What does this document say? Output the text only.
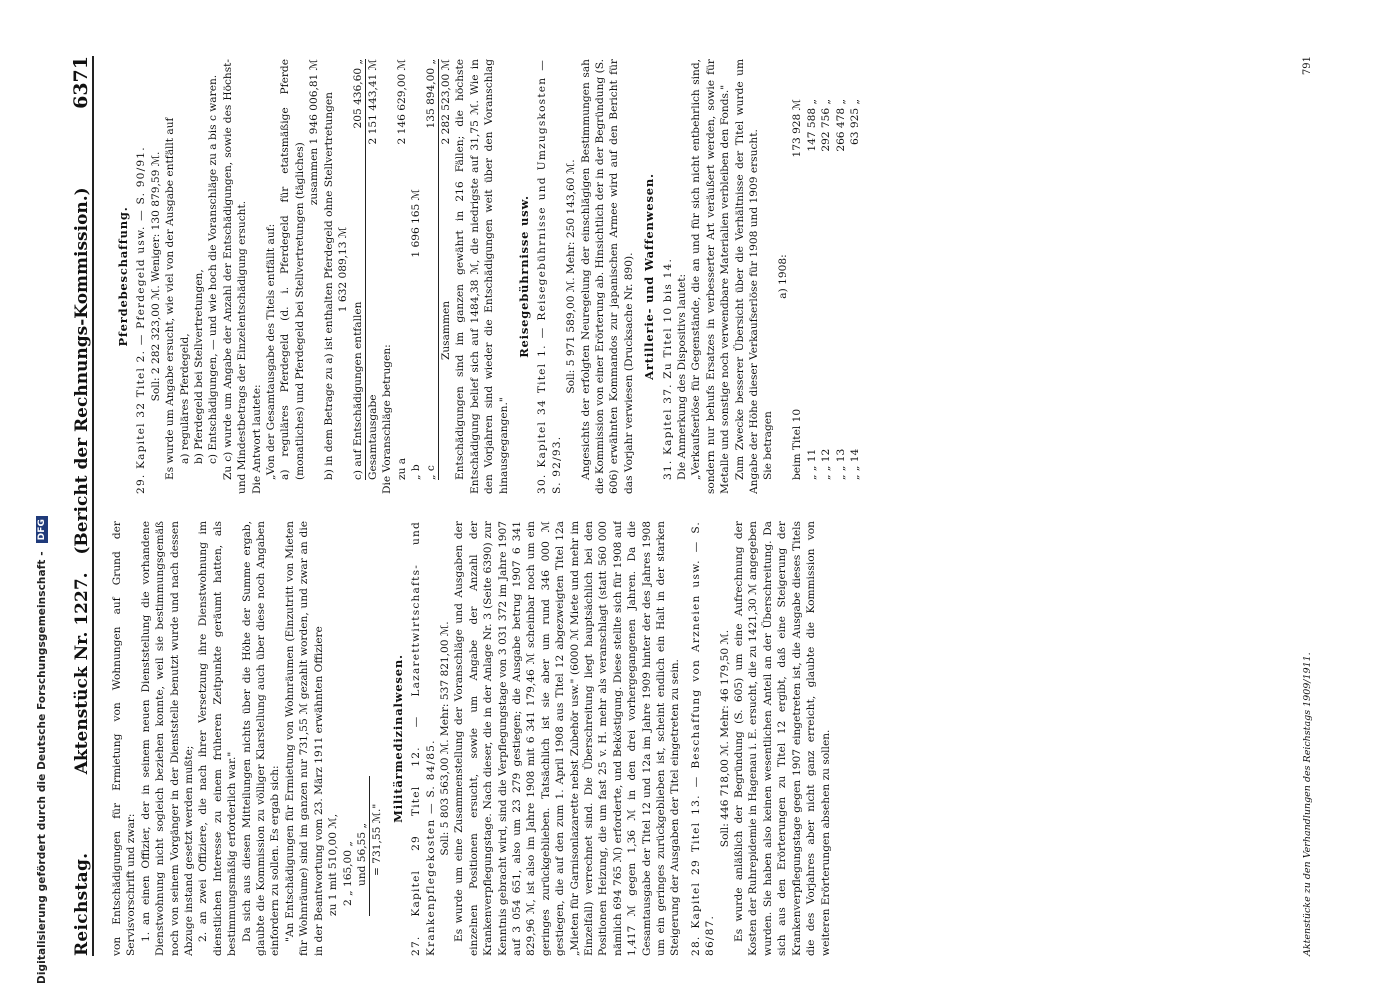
Digitalisierung gefördert durch die Deutsche Forschungsgemeinschaft -
DFG
Reichstag.
Aktenstück Nr. 1227.   (Bericht der Rechnungs-Kommission.)
6371

von Entschädigungen für Ermietung von Wohnungen auf Grund der Servisvorschrift und zwar: 1. an einen Offizier, der in seinem neuen Dienststellung die vorhandene Dienstwohnung nicht sogleich beziehen konnte, weil sie bestimmungsgemäß noch von seinem Vorgänger in der Dienststelle benutzt wurde und nach dessen Abzuge instand gesetzt werden mußte; 2. an zwei Offiziere, die nach ihrer Versetzung ihre Dienstwohnung im dienstlichen Interesse zu einem früheren Zeitpunkte geräumt hatten, als bestimmungsmäßig erforderlich war." Da sich aus diesen Mitteilungen nichts über die Höhe der Summe ergab, glaubte die Kommission zu völliger Klarstellung auch über diese noch Angaben einfordern zu sollen. Es ergab sich: "An Entschädigungen für Ermietung von Wohnräumen (Einzutritt von Mieten für Wohnräume) sind im ganzen nur 731,55 ℳ gezahlt worden, und zwar an die in der Beantwortung vom 23. März 1911 erwähnten Offiziere zu 1 mit 510,00 ℳ, 2 „ 165,00 „ und 56,55 „ = 731,55 ℳ."

Militärmedizinalwesen. 27. Kapitel 29 Titel 12. — Lazarettwirtschafts- und Krankenpflegekosten — S. 84/85. Soll: 5 803 563,00 ℳ. Mehr: 537 821,00 ℳ. Es wurde um eine Zusammenstellung der Voranschläge und Ausgaben der einzelnen Positionen ersucht, sowie um Angabe der Anzahl der Krankenverpflegungstage. Nach dieser, die in der Anlage Nr. 3 (Seite 6390) zur Kenntnis gebracht wird, sind die Verpflegungstage von 3 031 372 im Jahre 1907 auf 3 054 651, also um 23 279 gestiegen; die Ausgabe betrug 1907 6 341 829,96 ℳ, ist also im Jahre 1908 mit 6 341 179,46 ℳ scheinbar noch um ein geringes zurückgeblieben. Tatsächlich ist sie aber um rund 346 000 ℳ gestiegen, die auf den zum 1. April 1908 aus Titel 12 abgezweigten Titel 12a „Mieten für Garnisonlazarette nebst Zubehör usw." (6000 ℳ Miete und mehr im Einzelfall) verrechnet sind. Die Überschreitung liegt hauptsächlich bei den Positionen Heizung, die um fast 25 v. H. mehr als veranschlagt (statt 560 000 nämlich 694 765 ℳ) erforderte, und Beköstigung. Diese stellte sich für 1908 auf 1,417 ℳ gegen 1,36 ℳ in den drei vorhergegangenen Jahren. Da die Gesamtausgabe der Titel 12 und 12a im Jahre 1909 hinter der des Jahres 1908 um ein geringes zurückgeblieben ist, scheint endlich ein Halt in der starken Steigerung der Ausgaben der Titel eingetreten zu sein. 28. Kapitel 29 Titel 13. — Beschaffung von Arzneien usw. — S. 86/87.

Soll: 446 718,00 ℳ. Mehr: 46 179,50 ℳ. Es wurde anläßlich der Begründung (S. 605) um eine Aufrechnung der Kosten der Ruhrepidemie in Hagenau i. E. ersucht, die zu 1421,30 ℳ angegeben wurden. Sie haben also keinen wesentlichen Anteil an der Überschreitung. Da sich aus den Erörterungen zu Titel 12 ergibt, daß eine Steigerung der Krankenverpflegungstage gegen 1907 eingetreten ist, die Ausgabe dieses Titels die des Vorjahres aber nicht ganz erreicht, glaubte die Kommission von weiteren Erörterungen absehen zu sollen.

Pferdebeschaffung. 29. Kapitel 32 Titel 2. — Pferdegeld usw. — S. 90/91. Soll: 2 282 323,00 ℳ. Weniger: 130 879,59 ℳ. Es wurde um Angabe ersucht, wie viel von der Ausgabe entfällt auf a) reguläres Pferdegeld, b) Pferdegeld bei Stellvertretungen, c) Entschädigungen, — und wie hoch die Voranschläge zu a bis c waren. Zu c) wurde um Angabe der Anzahl der Entschädigungen, sowie des Höchst- und Mindestbetrags der Einzelentschädigung ersucht. Die Antwort lautete: „Von der Gesamtausgabe des Titels entfällt auf: a) reguläres Pferdegeld (d. i. Pferdegeld für etatsmäßige Pferde (monatliches) und Pferdegeld bei Stellvertretungen (tägliches)

zusammen 1 946 006,81 ℳ b) in dem Betrage zu a) ist enthalten Pferdegeld ohne Stellvertretungen 1 632 089,13 ℳ

c) auf Entschädigungen entfallen
205 436,60 „
Gesamtausgabe
2 151 443,41 ℳ

Die Voranschläge betrugen: zu a
2 146 629,00 ℳ
„ b
1 696 165 ℳ
„ c
135 894,00 „
Zusammen
2 282 523,00 ℳ Entschädigungen sind im ganzen gewährt in 216 Fällen; die höchste Entschädigung belief sich auf 1484,38 ℳ, die niedrigste auf 31,75 ℳ. Wie in den Vorjahren sind wieder die Entschädigungen weit über den Voranschlag hinausgegangen."

Reisegebührnisse usw. 30. Kapitel 34 Titel 1. — Reisegebührnisse und Umzugskosten — S. 92/93.

Soll: 5 971 589,00 ℳ. Mehr: 250 143,60 ℳ. Angesichts der erfolgten Neuregelung der einschlägigen Bestimmungen sah die Kommission von einer Erörterung ab. Hinsichtlich der in der Begründung (S. 606) erwähnten Kommandos zur japanischen Armee wird auf den Bericht für das Vorjahr verwiesen (Drucksache Nr. 890). Artillerie- und Waffenwesen. 31. Kapitel 37. Zu Titel 10 bis 14. Die Anmerkung des Dispositivs lautet: „Verkaufserlöse für Gegenstände, die an und für sich nicht entbehrlich sind, sondern nur behufs Ersatzes in verbesserter Art veräußert werden, sowie für Metalle und sonstige noch verwendbare Materialien verbleiben den Fonds." Zum Zwecke besserer Übersicht über die Verhältnisse der Titel wurde um Angabe der Höhe dieser Verkaufserlöse für 1908 und 1909 ersucht. Sie betragen

a) 1908:

beim Titel 10
173 928 ℳ
„ „ 11
147 588 „
„ „ 12
292 756 „
„ „ 13
266 478 „
„ „ 14
63 925 „
Aktenstücke zu den Verhandlungen des Reichstags 1909/1911.
791
